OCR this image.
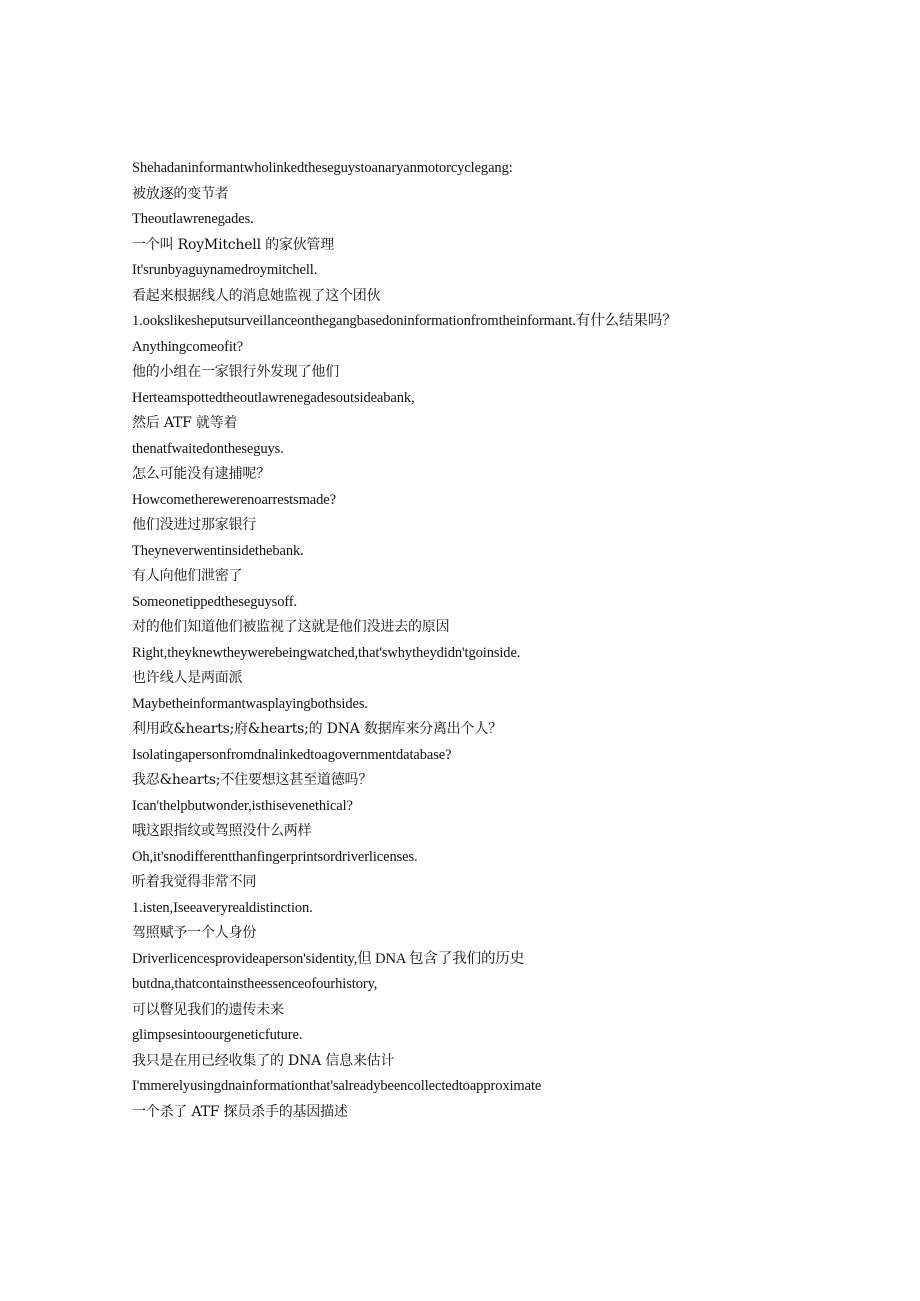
Shehadaninformantwholinkedtheseguystoanaryanmotorcyclegang:
被放逐的变节者
Theoutlawrenegades.
一个叫 RoyMitchell 的家伙管理
It'srunbyaguynamedroymitchell.
看起来根据线人的消息她监视了这个团伙
1.ookslikesheputsurveillanceonthegangbasedoninformationfromtheinformant.有什么结果吗？
Anythingcomeofit?
他的小组在一家银行外发现了他们
Herteamspottedtheoutlawrenegadesoutsideabank,
然后 ATF 就等着
thenatfwaitedontheseguys.
怎么可能没有逮捕呢？
Howcometherewerenoarrestsmade?
他们没进过那家银行
Theyneverwentinsidethebank.
有人向他们泄密了
Someonetippedtheseguysoff.
对的他们知道他们被监视了这就是他们没进去的原因
Right,theyknewtheywerebeingwatched,that'swhytheydidn'tgoinside.
也许线人是两面派
Maybetheinformantwasplayingbothsides.
利用政&hearts;府&hearts;的 DNA 数据库来分离出个人？
Isolatingapersonfromdnalinkedtoagovernmentdatabase?
我忍&hearts;不住要想这甚至道德吗？
Ican'thelpbutwonder,isthisevenethical?
哦这跟指纹或驾照没什么两样
Oh,it'snodifferentthanfingerprintsordriverlicenses.
听着我觉得非常不同
1.isten,Iseeaveryrealdistinction.
驾照赋予一个人身份
Driverlicencesprovideaperson'sidentity,但 DNA 包含了我们的历史
butdna,thatcontainstheessenceofourhistory,
可以瞥见我们的遗传未来
glimpsesintoourgeneticfuture.
我只是在用已经收集了的 DNA 信息来估计
I'mmerelyusingdnainformationthat'salreadybeencollectedtoapproximate
一个杀了 ATF 探员杀手的基因描述
